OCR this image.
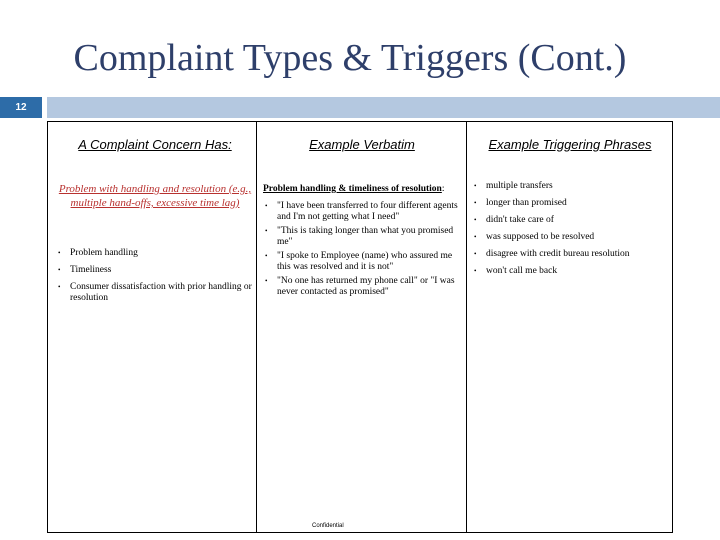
Complaint Types & Triggers (Cont.)
12
A Complaint Concern Has:	Example Verbatim	Example Triggering Phrases
Problem with handling and resolution (e.g., multiple hand-offs, excessive time lag)
• Problem handling
• Timeliness
• Consumer dissatisfaction with prior handling or resolution
Problem handling & timeliness of resolution:
• "I have been transferred to four different agents and I'm not getting what I need"
• "This is taking longer than what you promised me"
• "I spoke to Employee (name) who assured me this was resolved and it is not"
• "No one has returned my phone call" or "I was never contacted as promised"
• multiple transfers
• longer than promised
• didn't take care of
• was supposed to be resolved
• disagree with credit bureau resolution
• won't call me back
Confidential
